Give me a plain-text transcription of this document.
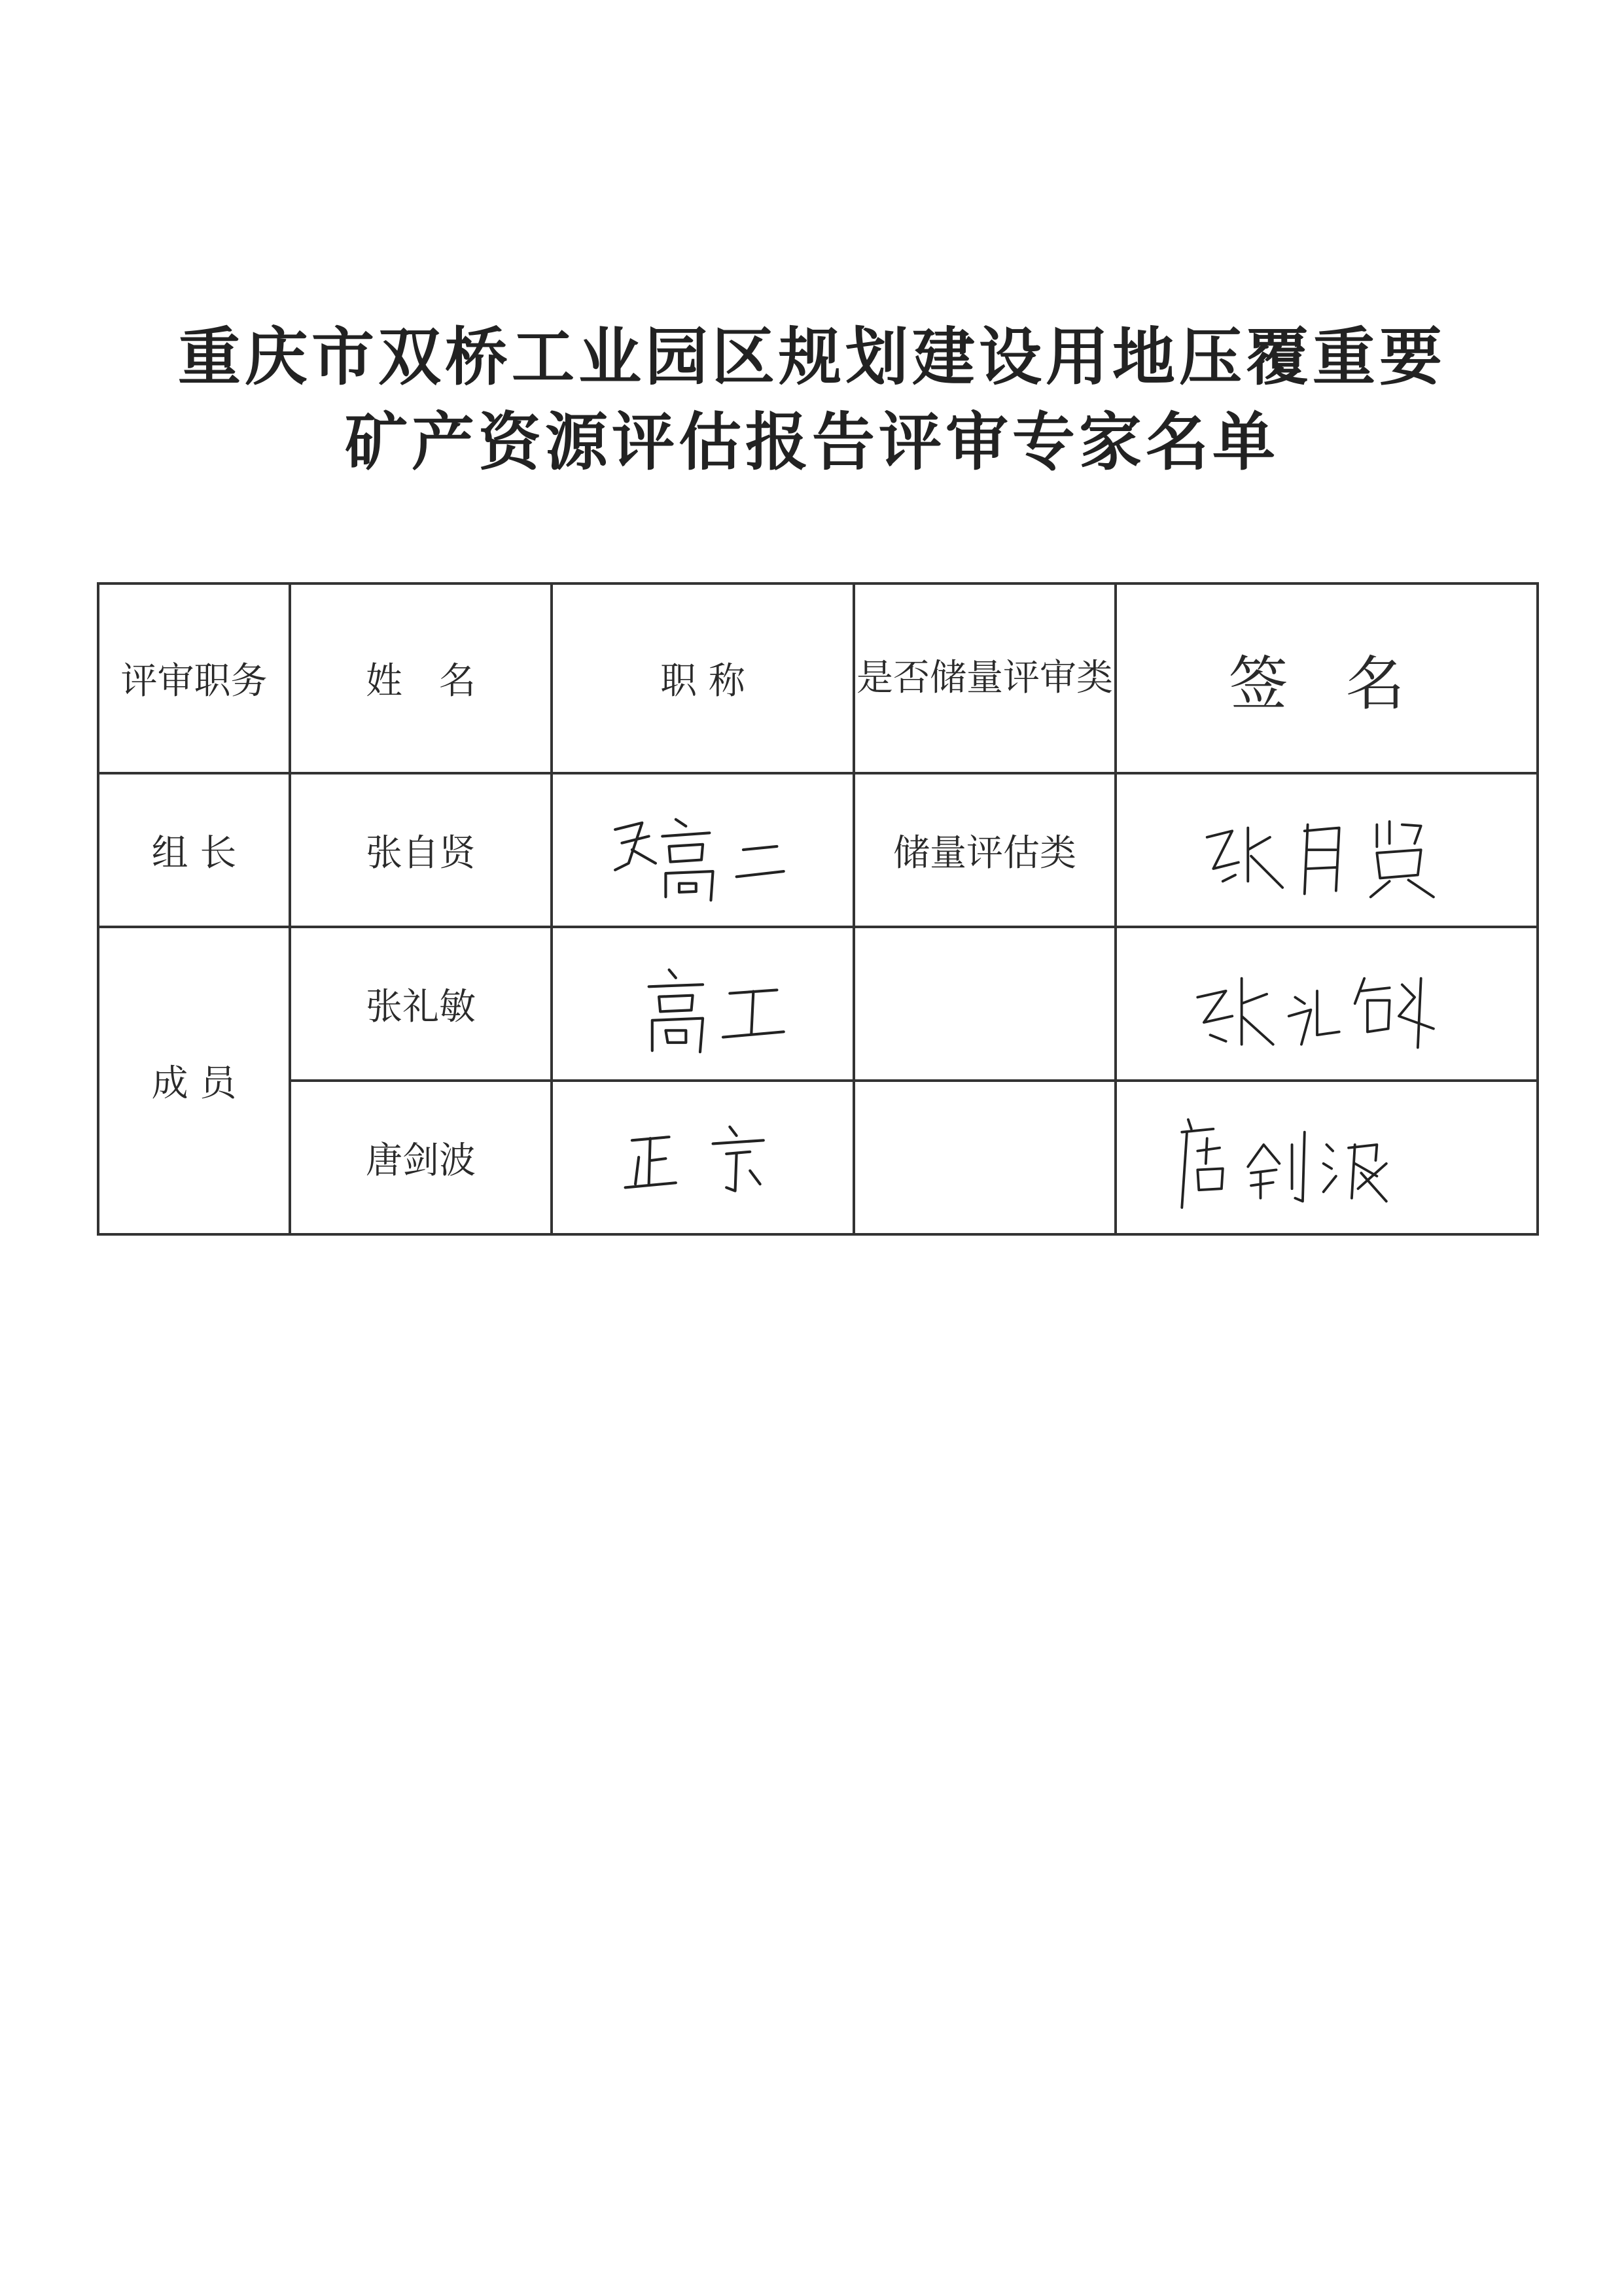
重庆市双桥工业园区规划建设用地压覆重要
矿产资源评估报告评审专家名单
评审职务	姓　名	职 称	是否储量评审类	签 名
组 长	张自贤		储量评估类	

成 员	张礼敏	

	唐剑波	
